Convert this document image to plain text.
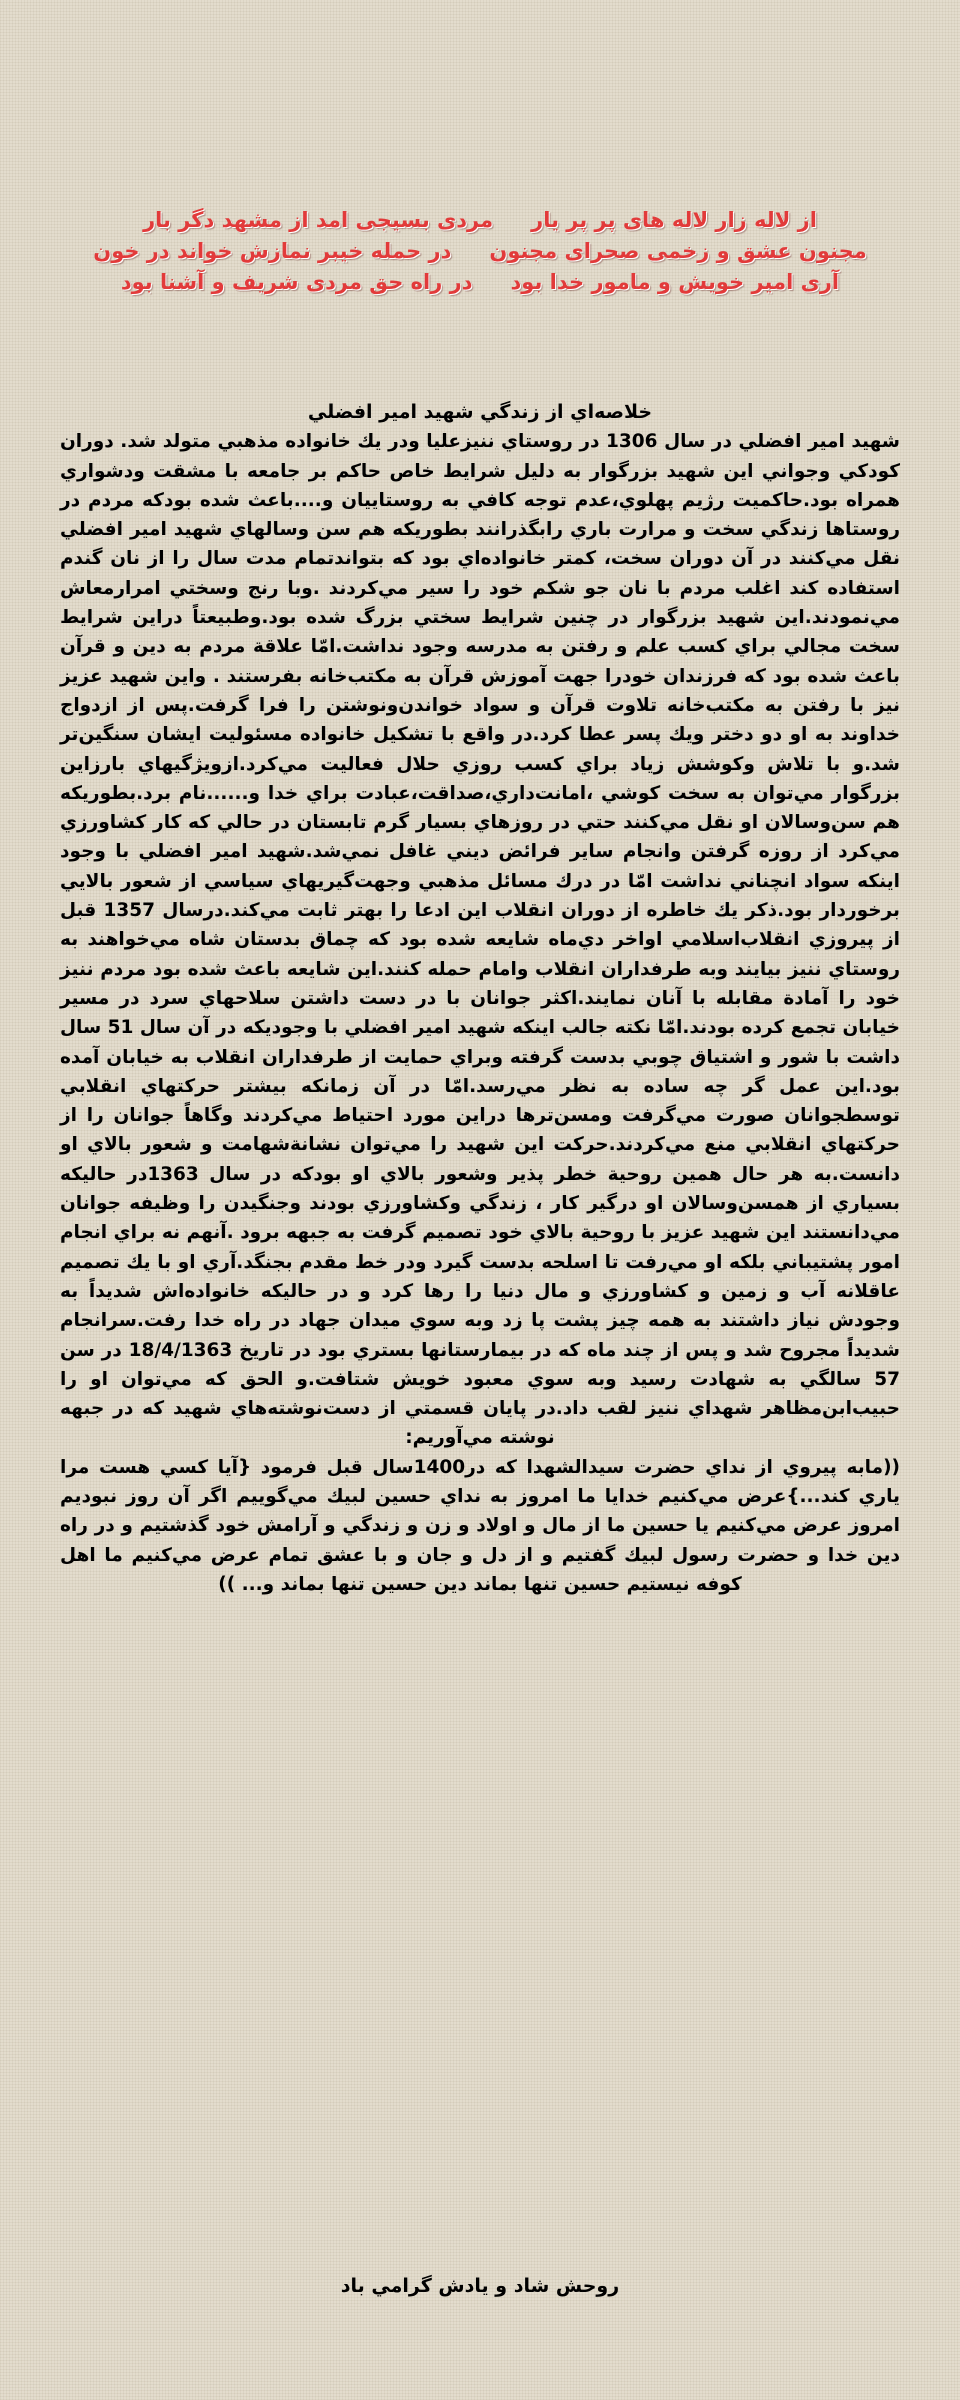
از لاله زار لاله های پر پر یارمردی بسیجی امد از مشهد دگر بار
مجنون عشق و زخمی صحرای مجنوندر حمله خیبر نمازش خواند در خون
آری امیر خویش و مامور خدا بوددر راه حق مردی شریف و آشنا بود

خلاصه‌اي از زندگي شهيد امير افضلي

شهيد امير افضلي در سال 1306 در روستاي ننيزعليا ودر يك خانواده مذهبي متولد شد. دوران كودكي وجواني اين شهيد بزرگوار به دليل شرايط خاص حاكم بر جامعه با مشقت ودشواري همراه بود.حاكميت رژيم پهلوي،عدم توجه كافي به روستاييان و....باعث شده بودكه مردم در روستاها زندگي سخت و مرارت باري رابگذرانند بطوريكه هم سن وسالهاي شهيد امير افضلي نقل مي‌كنند در آن دوران سخت، كمتر خانواده‌اي بود كه بتواندتمام مدت سال را از نان گندم استفاده كند اغلب مردم با نان جو شكم خود را سير مي‌كردند .وبا رنج وسختي امرارمعاش مي‌نمودند.اين شهيد بزرگوار در چنين شرايط سختي بزرگ شده بود.وطبيعتاً دراين شرايط سخت مجالي براي كسب علم و رفتن به مدرسه وجود نداشت.امّا علاقة مردم به دين و قرآن باعث شده بود كه فرزندان خودرا جهت آموزش قرآن به مكتب‌خانه بفرستند . واين شهيد عزيز نيز با رفتن به مكتب‌خانه تلاوت قرآن و سواد خواندن‌ونوشتن را فرا گرفت.پس از ازدواج خداوند به او دو دختر ويك پسر عطا كرد.در واقع با تشكيل خانواده مسئوليت ايشان سنگين‌تر شد.و با تلاش وكوشش زياد براي كسب روزي حلال فعاليت مي‌كرد.ازويژگيهاي بارزاين بزرگوار مي‌توان به سخت كوشي ،امانت‌داري،صداقت،عبادت براي خدا و......نام برد.بطوريكه هم سن‌وسالان او نقل مي‌كنند حتي در روزهاي بسيار گرم تابستان در حالي كه كار كشاورزي مي‌كرد از روزه گرفتن وانجام ساير فرائض ديني غافل نمي‌شد.شهيد امير افضلي با وجود اينكه سواد انچناني نداشت امّا در درك مسائل مذهبي وجهت‌گيريهاي سياسي از شعور بالايي برخوردار بود.ذكر يك خاطره از دوران انقلاب اين ادعا را بهتر ثابت مي‌كند.درسال 1357 قبل از پيروزي انقلاب‌اسلامي اواخر دي‌ماه شايعه شده بود كه چماق بدستان شاه مي‌خواهند به روستاي ننيز بيايند وبه طرفداران انقلاب وامام حمله كنند.اين شايعه باعث شده بود مردم ننيز خود را آمادة مقابله با آنان نمايند.اكثر جوانان با در دست داشتن سلاحهاي سرد در مسير خيابان تجمع كرده بودند.امّا نكته جالب اينكه شهيد امير افضلي با وجوديكه در آن سال 51 سال داشت با شور و اشتياق چوبي بدست گرفته وبراي حمايت از طرفداران انقلاب به خيابان آمده بود.اين عمل گر چه ساده به نظر مي‌رسد.امّا در آن زمانكه بيشتر حركتهاي انقلابي توسطجوانان صورت مي‌گرفت ومسن‌ترها دراين مورد احتياط مي‌كردند وگاهاً جوانان را از حركتهاي انقلابي منع مي‌كردند.حركت اين شهيد را مي‌توان نشانة‌شهامت و شعور بالاي او دانست.به هر حال همين روحية خطر پذير وشعور بالاي او بودكه در سال 1363در حاليكه بسياري از همسن‌وسالان او درگير كار ، زندگي وكشاورزي بودند وجنگيدن را وظيفه جوانان مي‌دانستند اين شهيد عزيز با روحية بالاي خود تصميم گرفت به جبهه برود .آنهم نه براي انجام امور پشتيباني بلكه او مي‌رفت تا اسلحه بدست گيرد ودر خط مقدم بجنگد.آري او با يك تصميم عاقلانه آب و زمين و كشاورزي و مال دنيا را رها كرد و در حاليكه خانواده‌اش شديداً به وجودش نياز داشتند به همه چيز پشت پا زد وبه سوي ميدان جهاد در راه خدا رفت.سرانجام شديداً مجروح شد و پس از چند ماه كه در بيمارستانها بستري بود در تاريخ 18/4/1363 در سن 57 سالگي به شهادت رسيد وبه سوي معبود خويش شتافت.و الحق كه مي‌توان او را حبيب‌ابن‌مظاهر شهداي ننيز لقب داد.در پايان قسمتي از دست‌نوشته‌هاي شهيد كه در جبهه نوشته مي‌آوريم:

((مابه پيروي از نداي حضرت سيدالشهدا كه در1400سال قبل فرمود {آيا كسي هست مرا ياري كند...}عرض مي‌كنيم خدايا ما امروز به نداي حسين لبيك مي‌گوييم اگر آن روز نبوديم امروز عرض مي‌كنيم يا حسين ما از مال و اولاد و زن و زندگي و آرامش خود گذشتيم و در راه دين خدا و حضرت رسول لبيك گفتيم و از دل و جان و با عشق تمام عرض مي‌كنيم ما اهل كوفه نيستيم حسين تنها بماند دين حسين تنها بماند و... ))

روحش شاد و يادش گرامي باد
